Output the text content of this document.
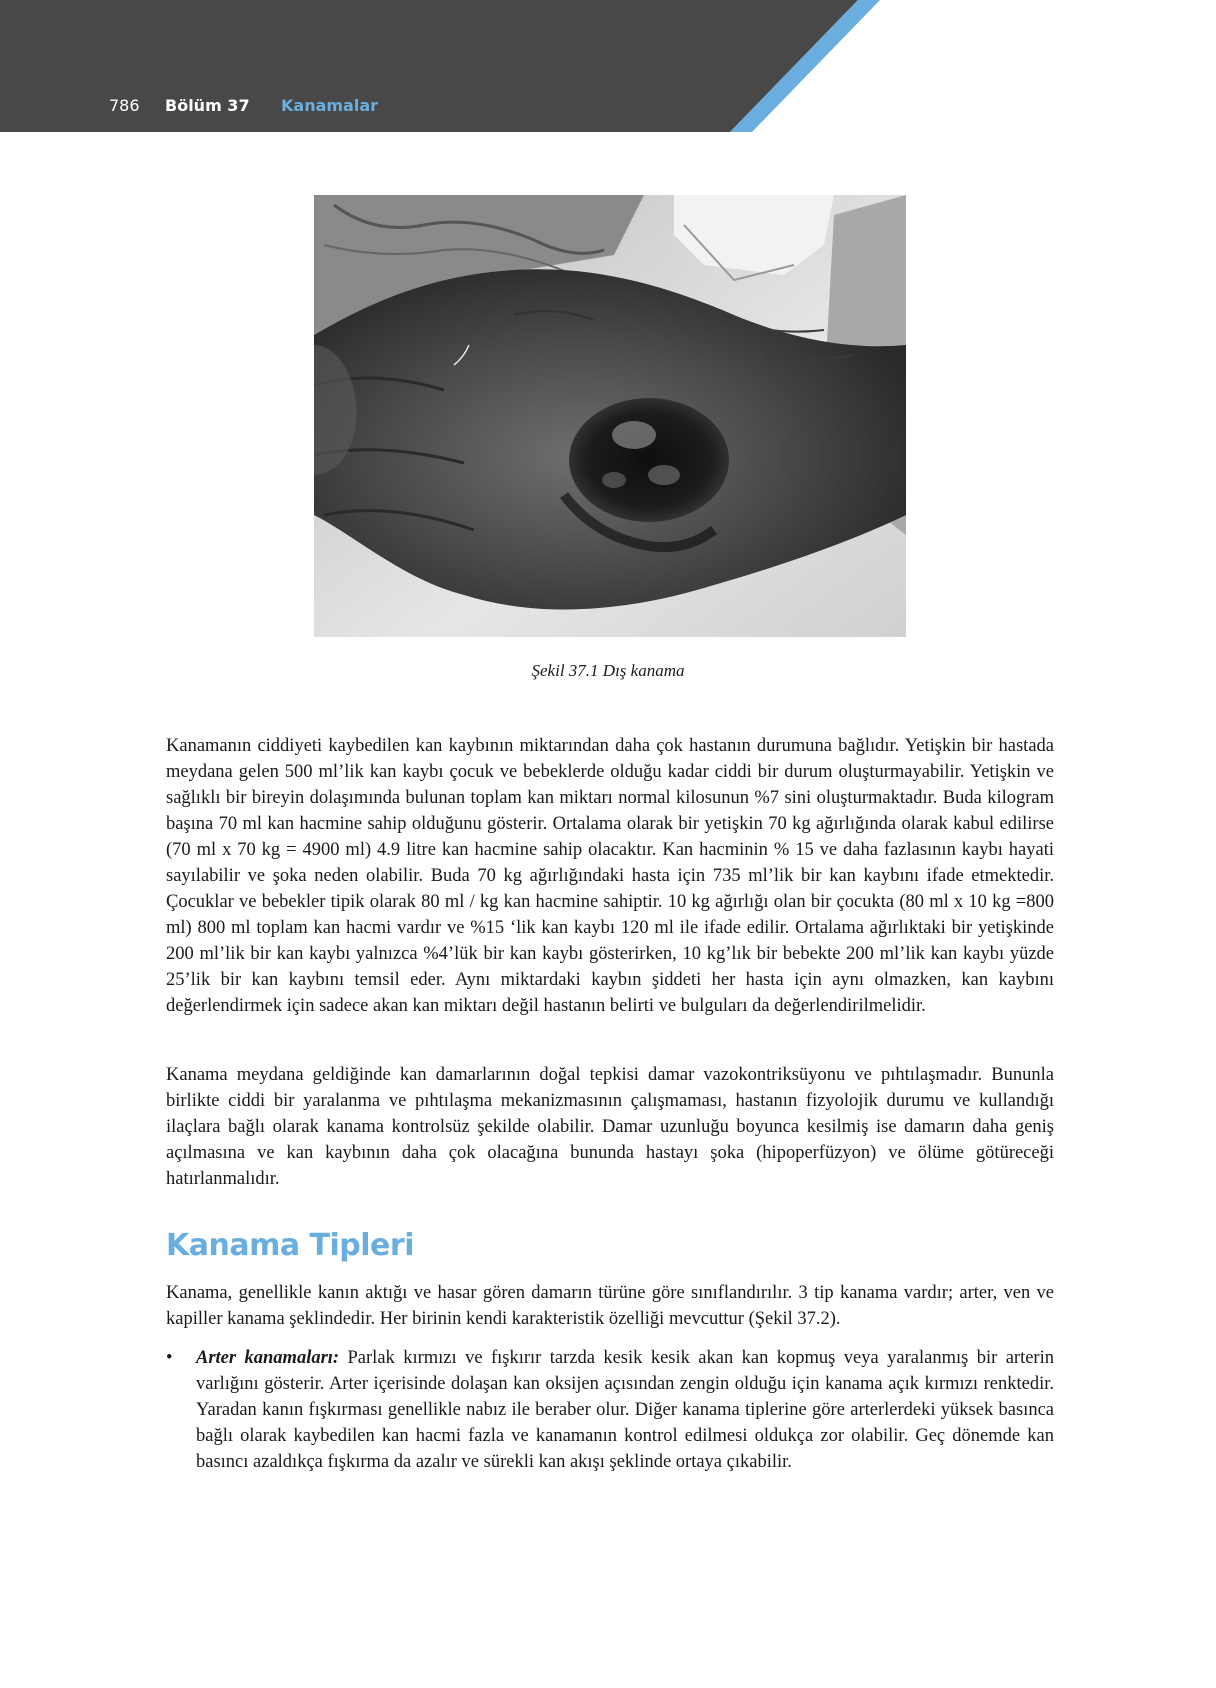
786 Bölüm 37 Kanamalar
Şekil 37.1 Dış kanama

Kanamanın ciddiyeti kaybedilen kan kaybının miktarından daha çok hastanın durumuna bağlıdır. Yetişkin bir hastada meydana gelen 500 ml’lik kan kaybı çocuk ve bebeklerde olduğu kadar ciddi bir durum oluşturmayabilir. Yetişkin ve sağlıklı bir bireyin dolaşımında bulunan toplam kan miktarı normal kilosunun %7 sini oluşturmaktadır. Buda kilogram başına 70 ml kan hacmine sahip olduğunu gösterir. Ortalama olarak bir yetişkin 70 kg ağırlığında olarak kabul edilirse (70 ml x 70 kg = 4900 ml) 4.9 litre kan hacmine sahip olacaktır. Kan hacminin % 15 ve daha fazlasının kaybı hayati sayılabilir ve şoka neden olabilir. Buda 70 kg ağırlığındaki hasta için 735 ml’lik bir kan kaybını ifade etmektedir. Çocuklar ve bebekler tipik olarak 80 ml / kg kan hacmine sahiptir. 10 kg ağırlığı olan bir çocukta (80 ml x 10 kg =800 ml) 800 ml toplam kan hacmi vardır ve %15 ‘lik kan kaybı 120 ml ile ifade edilir. Ortalama ağırlıktaki bir yetişkinde 200 ml’lik bir kan kaybı yalnızca %4’lük bir kan kaybı gösterirken, 10 kg’lık bir bebekte 200 ml’lik kan kaybı yüzde 25’lik bir kan kaybını temsil eder. Aynı miktardaki kaybın şiddeti her hasta için aynı olmazken, kan kaybını değerlendirmek için sadece akan kan miktarı değil hastanın belirti ve bulguları da değerlendirilmelidir.

Kanama meydana geldiğinde kan damarlarının doğal tepkisi damar vazokontriksüyonu ve pıhtılaşmadır. Bununla birlikte ciddi bir yaralanma ve pıhtılaşma mekanizmasının çalışmaması, hastanın fizyolojik durumu ve kullandığı ilaçlara bağlı olarak kanama kontrolsüz şekilde olabilir. Damar uzunluğu boyunca kesilmiş ise damarın daha geniş açılmasına ve kan kaybının daha çok olacağına bununda hastayı şoka (hipoperfüzyon) ve ölüme götüreceği hatırlanmalıdır.

Kanama Tipleri

Kanama, genellikle kanın aktığı ve hasar gören damarın türüne göre sınıflandırılır. 3 tip kanama vardır; arter, ven ve kapiller kanama şeklindedir. Her birinin kendi karakteristik özelliği mevcuttur (Şekil 37.2).

• Arter kanamaları: Parlak kırmızı ve fışkırır tarzda kesik kesik akan kan kopmuş veya yaralanmış bir arterin varlığını gösterir. Arter içerisinde dolaşan kan oksijen açısından zengin olduğu için kanama açık kırmızı renktedir. Yaradan kanın fışkırması genellikle nabız ile beraber olur. Diğer kanama tiplerine göre arterlerdeki yüksek basınca bağlı olarak kaybedilen kan hacmi fazla ve kanamanın kontrol edilmesi oldukça zor olabilir. Geç dönemde kan basıncı azaldıkça fışkırma da azalır ve sürekli kan akışı şeklinde ortaya çıkabilir.
